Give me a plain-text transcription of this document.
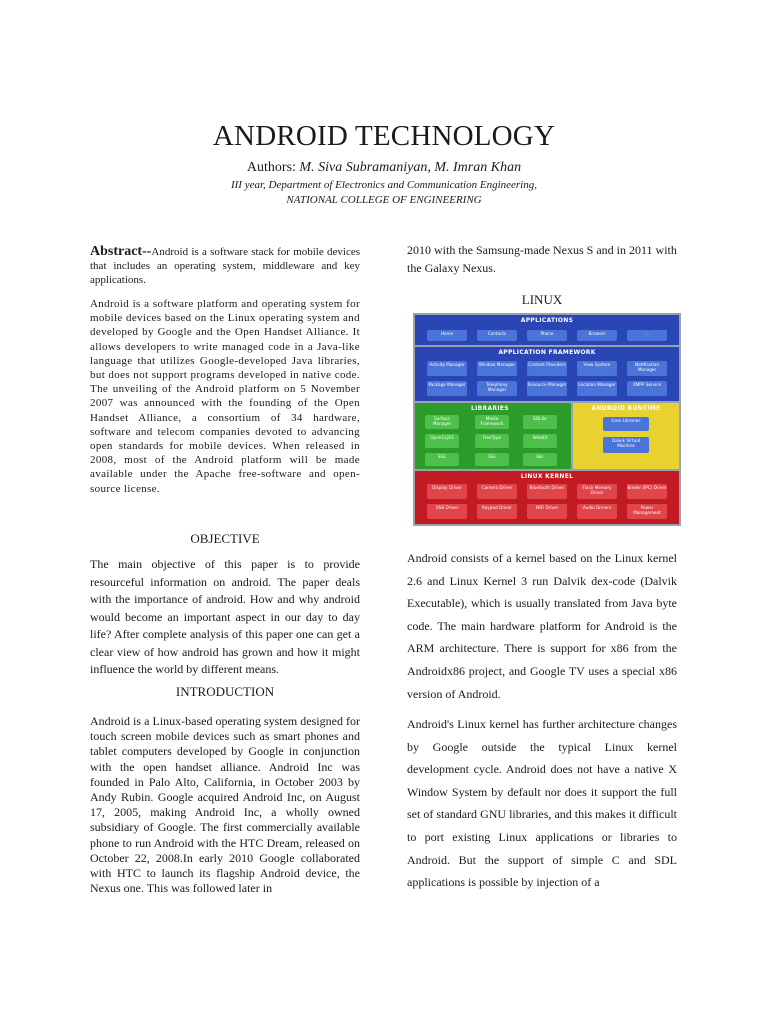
ANDROID TECHNOLOGY
Authors: M. Siva Subramaniyan, M. Imran Khan
III year, Department of Electronics and Communication Engineering,
NATIONAL COLLEGE OF ENGINEERING

Abstract--Android is a software stack for mobile devices that includes an operating system, middleware and key applications.

Android is a software platform and operating system for mobile devices based on the Linux operating system and developed by Google and the Open Handset Alliance. It allows developers to write managed code in a Java-like language that utilizes Google-developed Java libraries, but does not support programs developed in native code. The unveiling of the Android platform on 5 November 2007 was announced with the founding of the Open Handset Alliance, a consortium of 34 hardware, software and telecom companies devoted to advancing open standards for mobile devices. When released in 2008, most of the Android platform will be made available under the Apache free-software and open-source license.

OBJECTIVE

The main objective of this paper is to provide resourceful information on android. The paper deals with the importance of android. How and why android would become an important aspect in our day to day life? After complete analysis of this paper one can get a clear view of how android has grown and how it might influence the world by different means.

INTRODUCTION

Android is a Linux-based operating system designed for touch screen mobile devices such as smart phones and tablet computers developed by Google in conjunction with the open handset alliance. Android Inc was founded in Palo Alto, California, in October 2003 by Andy Rubin. Google acquired Android Inc, on August 17, 2005, making Android Inc, a wholly owned subsidiary of Google. The first commercially available phone to run Android with the HTC Dream, released on October 22, 2008.In early 2010 Google collaborated with HTC to launch its flagship Android device, the Nexus one. This was followed later in

2010 with the Samsung-made Nexus S and in 2011 with the Galaxy Nexus.

LINUX
APPLICATIONS
Home	Contacts	Phone	Browser	...
APPLICATION FRAMEWORK
Activity Manager	Window Manager	Content Providers	View System	Notification Manager
Package Manager	Telephony Manager
Resource Manager	Location Manager	XMPP Service
LIBRARIES
Surface Manager
Media Framework
SQLite
OpenGL|ES	FreeType	WebKit
SGL	SSL	libc
ANDROID RUNTIME
Core Libraries
Dalvik Virtual Machine
LINUX KERNEL
Display Driver	Camera Driver	Bluetooth Driver	Flash Memory Driver
Binder (IPC) Driver
USB Driver	Keypad Driver	WiFi Driver	Audio Drivers	Power Management

Android consists of a kernel based on the Linux kernel 2.6 and Linux Kernel 3 run Dalvik dex-code (Dalvik Executable), which is usually translated from Java byte code. The main hardware platform for Android is the ARM architecture. There is support for x86 from the Androidx86 project, and Google TV uses a special x86 version of Android.

Android's Linux kernel has further architecture changes by Google outside the typical Linux kernel development cycle. Android does not have a native X Window System by default nor does it support the full set of standard GNU libraries, and this makes it difficult to port existing Linux applications or libraries to Android. But the support of simple C and SDL applications is possible by injection of a
